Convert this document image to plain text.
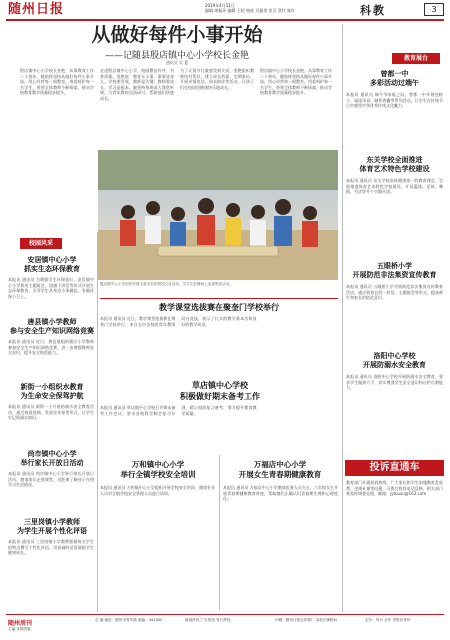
随州日报	2019年4月11日
编辑 周振环 编辑 王松 校检 吴雅男 张芬 蔡红 陈红	科教	3
从做好每件小事开始
——记随县殷店镇中心小学校长金艳
通讯员 吴 夏
殷店镇中心小学校长金艳，从事教育工作二十余年，她始终坚持从做好每件小事开始，用心经营每一间教室，用爱呵护每一名学生，带领全体教师不断探索，推动学校教育教学质量稳步提升。
走进殷店镇中心小学，校园整洁有序，书香浓郁。金艳说：教育无小事，事事皆育人。学校要发展，教师是关键；教师要成长，学习是根本。她坚持每周深入课堂听课，与青年教师交流研讨，帮助他们快速成长。
为了让留守儿童感受到关爱，金艳组织教师结对帮扶，建立成长档案，定期家访，开展亲情电话、周末陪伴等活动，让孩子们在校园里健康快乐地成长。
殷店镇中心小学校长金艳，从事教育工作二十余年，她始终坚持从做好每件小事开始，用心经营每一间教室，用爱呵护每一名学生，带领全体教师不断探索，推动学校教育教学质量稳步提升。
校园风采
安居镇中心小学
抓实生态环保教育
本报讯 通讯员 为增强学生环保意识，安居镇中心小学利用主题班会、国旗下讲话等形式开展生态环保教育，引导学生从身边小事做起，争做环保小卫士。
唐县镇小学教师
参与安全生产知识网络竞赛
本报讯 通讯员 近日，唐县镇组织辖区小学教师参加安全生产知识网络竞赛，进一步增强教师安全意识，提升安全防范能力。
新街一小组织水教育
为生命安全保驾护航
本报讯 通讯员 新街一小开展防溺水安全教育活动，通过观看视频、发放宣传单等形式，让学生牢记防溺水知识。
尚市镇中心小学
举行家长开放日活动
本报讯 通讯员 尚市镇中心小学举行家长开放日活动，邀请家长走进课堂，近距离了解孩子在校学习生活情况。
三里岗镇小学教师
为学生开展个性化评语
本报讯 通讯员 三里岗镇小学教师根据每名学生的特点撰写个性化评语，用真诚的话语鼓励学生健康成长。
殷店镇中心小学组织开展丰富多彩的校园文化活动，学生们在操场上参加集体活动。
教学课堂选拔赛在聚奎门学校举行
本报讯 通讯员 近日，教学课堂选拔赛在聚奎门学校举行，来自全市各校的青年教师同台竞技，展示了扎实的教学基本功和良好的教学风采。
草店镇中心学校
积极做好期末备考工作
本报讯 通讯员 草店镇中心学校召开期末备考工作会议，要求各校科学制定复习计划，精心组织复习备考，努力提升教育教学质量。
万和镇中心小学
举行全镇学校安全培训
本报讯 通讯员 万和镇中心小学组织开展学校安全培训，邀请专业人员对全镇学校安全管理人员进行培训。
万福店中心小学
开展女生青春期健康教育
本报讯 通讯员 万福店中心小学邀请医务人员为五、六年级女生开展青春期健康教育讲座，帮助她们正确认识青春期生理和心理变化。
教育展台
曾都一中
多彩活动过端午
本报讯 通讯员 端午节来临之际，曾都一中开展包粽子、诵读诗词、制作香囊等系列活动，让学生在传统节日中感受中华优秀传统文化魅力。
东关学校全面推进
体育艺术特色学校建设
本报讯 通讯员 东关学校坚持健康第一的教育理念，全面推进体育艺术特色学校建设，开设篮球、足球、舞蹈、书法等多个兴趣社团。
五眼桥小学
开展防范非法集资宣传教育
本报讯 通讯员 五眼桥小学开展防范非法集资宣传教育活动，通过致家长的一封信、主题班会等形式，提高师生和家长的防范意识。
洛阳中心学校
开展防溺水安全教育
本报讯 通讯员 洛阳中心学校开展防溺水安全教育，要求学生做到六不，切实增强学生安全意识和自护自救能力。
投诉直通车
教育部门开通投诉热线，广大家长和学生如遇教育乱收费、违规补课等问题，可拨打投诉电话反映，相关部门将及时调查处理。邮箱：jytousu@163.com
随州周刊
主编 本期责编
总 编 地址：随州市青年路 邮编：441300	新闻热线 广告热线 发行热线	印刷：随州日报社印刷厂 本报法律顾问	定价：每月 全年 零售价每份
